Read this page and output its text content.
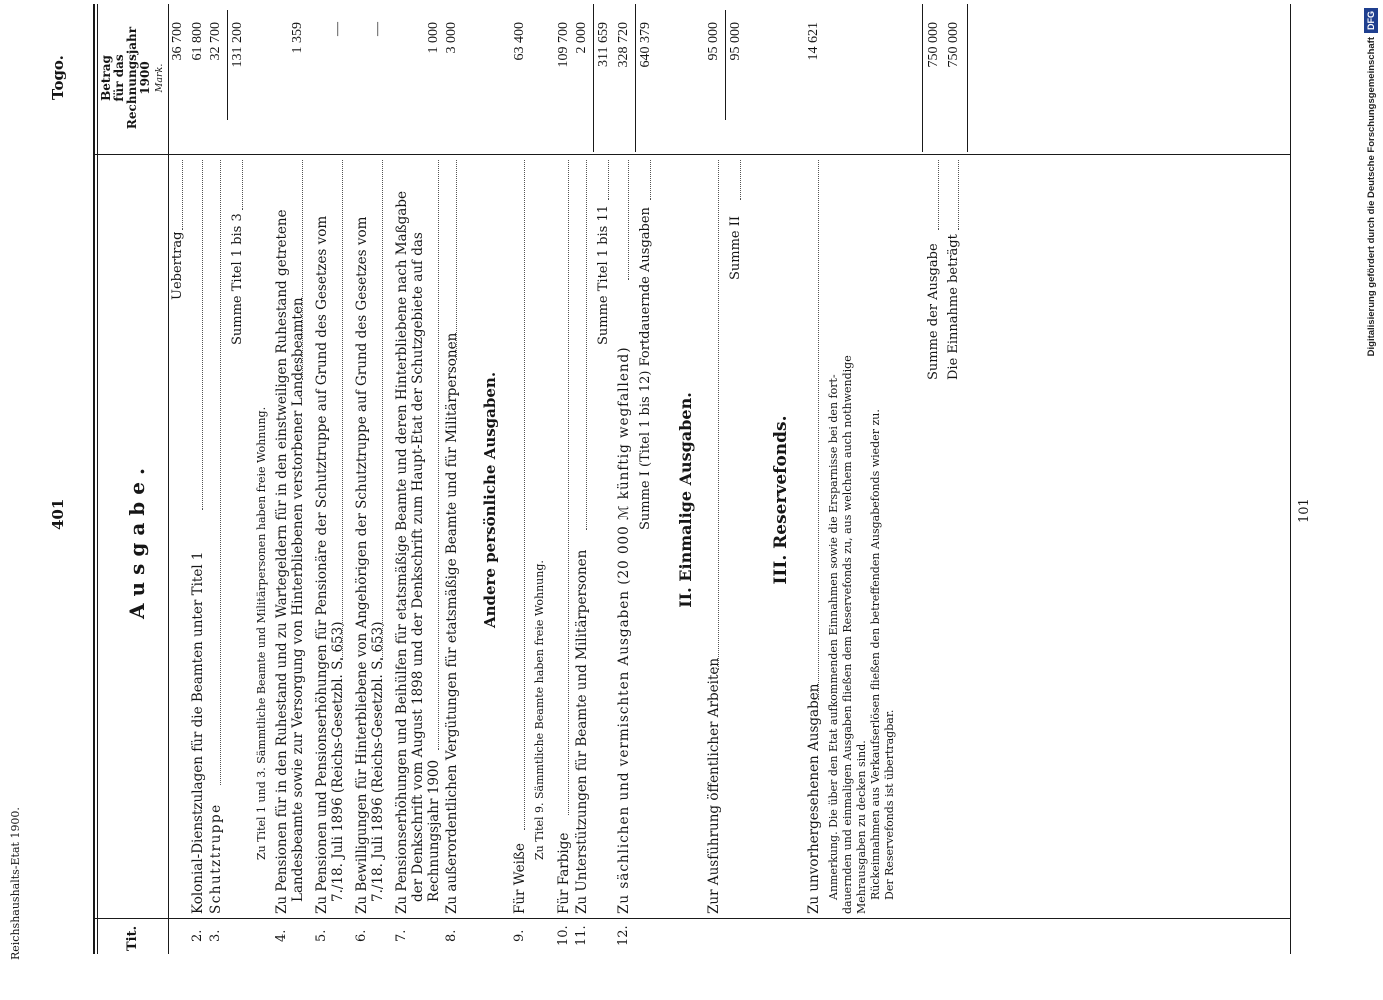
Reichshaushalts-Etat 1900.
401
Togo.
101
Tit.
Ausgabe.
Betrag für das Rechnungsjahr 1900 Mark.
Uebertrag
36 700
2.
Kolonial-Dienstzulagen für die Beamten unter Titel 1
61 800
3.
Schutztruppe
32 700
Summe Titel 1 bis 3
131 200
Zu Titel 1 und 3. Sämmtliche Beamte und Militärpersonen haben freie Wohnung.
4.
Zu Pensionen für in den Ruhestand und zu Wartegeldern für in den einstweiligen Ruhestand getretene Landesbeamte sowie zur Versorgung von Hinterbliebenen verstorbener Landesbeamten
1 359
5.
Zu Pensionen und Pensionserhöhungen für Pensionäre der Schutztruppe auf Grund des Gesetzes vom 7./18. Juli 1896 (Reichs-Gesetzbl. S. 653)
—
6.
Zu Bewilligungen für Hinterbliebene von Angehörigen der Schutztruppe auf Grund des Gesetzes vom 7./18. Juli 1896 (Reichs-Gesetzbl. S. 653)
—
7.
Zu Pensionserhöhungen und Beihülfen für etatsmäßige Beamte und deren Hinterbliebene nach Maßgabe der Denkschrift vom August 1898 und der Denkschrift zum Haupt-Etat der Schutzgebiete auf das Rechnungsjahr 1900
1 000
8.
Zu außerordentlichen Vergütungen für etatsmäßige Beamte und für Militärpersonen
3 000
Andere persönliche Ausgaben.
9.
Für Weiße
63 400
Zu Titel 9. Sämmtliche Beamte haben freie Wohnung.
10.
Für Farbige
109 700
11.
Zu Unterstützungen für Beamte und Militärpersonen
2 000
Summe Titel 1 bis 11
311 659
12.
Zu sächlichen und vermischten Ausgaben (20 000 ℳ künftig wegfallend)
328 720
Summe I (Titel 1 bis 12) Fortdauernde Ausgaben
640 379
II. Einmalige Ausgaben.
Zur Ausführung öffentlicher Arbeiten
95 000
Summe II
95 000
III. Reservefonds.
Zu unvorhergesehenen Ausgaben
14 621
Anmerkung. Die über den Etat aufkommenden Einnahmen sowie die Ersparnisse bei den fort- dauernden und einmaligen Ausgaben fließen dem Reservefonds zu, aus welchem auch nothwendige Mehrausgaben zu decken sind. Rückeinnahmen aus Verkaufserlösen fließen den betreffenden Ausgabefonds wieder zu. Der Reservefonds ist übertragbar.
Summe der Ausgabe
750 000
Die Einnahme beträgt
750 000	Digitalisierung gefördert durch die Deutsche Forschungsgemeinschaft
DFG
